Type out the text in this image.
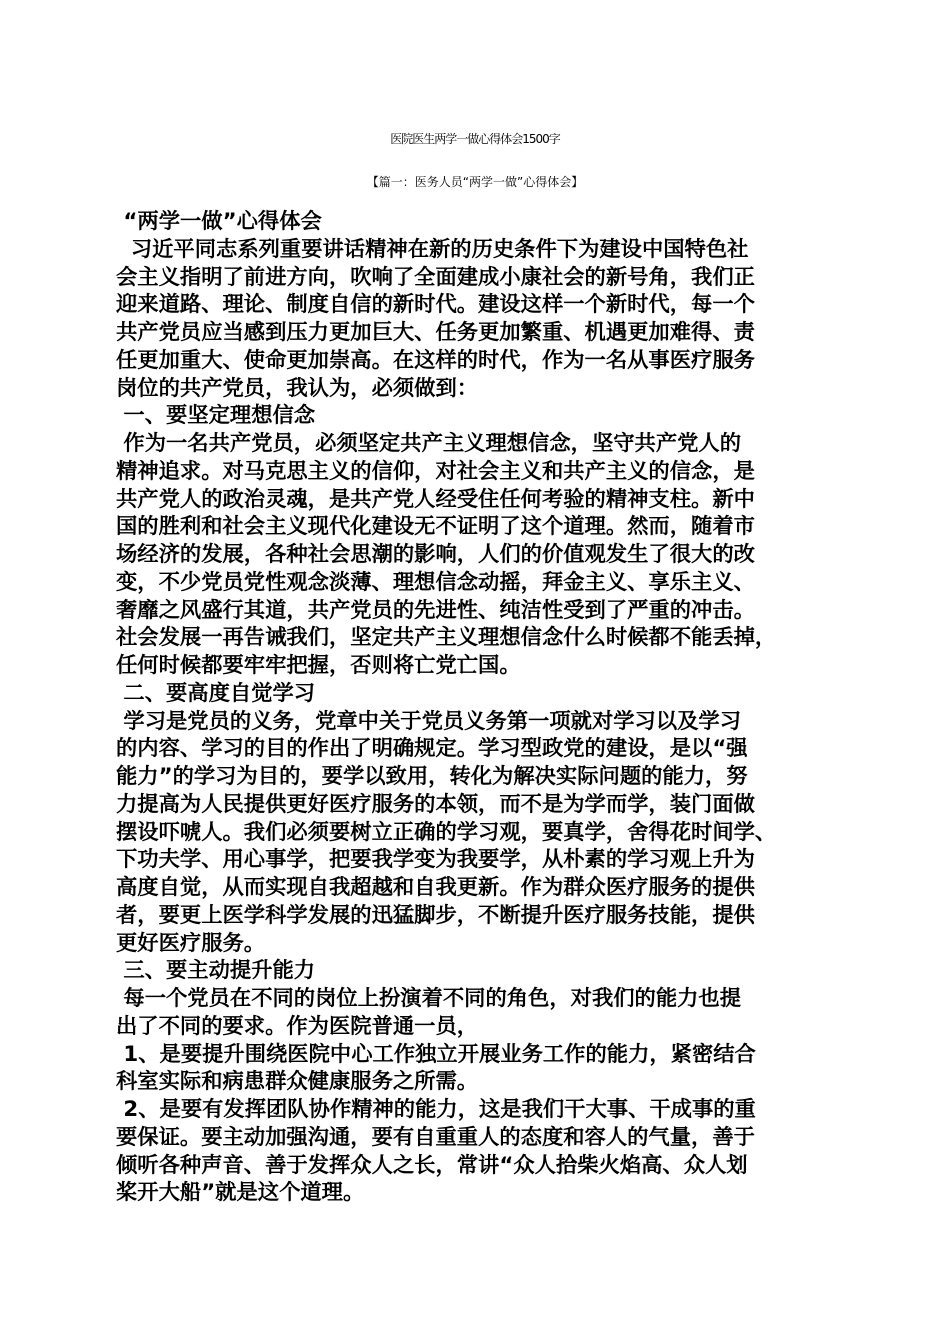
医院医生两学一做心得体会1500字
【篇一：医务人员“两学一做”心得体会】
“两学一做”心得体会
习近平同志系列重要讲话精神在新的历史条件下为建设中国特色社
会主义指明了前进方向，吹响了全面建成小康社会的新号角，我们正
迎来道路、理论、制度自信的新时代。建设这样一个新时代，每一个
共产党员应当感到压力更加巨大、任务更加繁重、机遇更加难得、责
任更加重大、使命更加崇高。在这样的时代，作为一名从事医疗服务
岗位的共产党员，我认为，必须做到：
一、要坚定理想信念
作为一名共产党员，必须坚定共产主义理想信念，坚守共产党人的
精神追求。对马克思主义的信仰，对社会主义和共产主义的信念，是
共产党人的政治灵魂，是共产党人经受住任何考验的精神支柱。新中
国的胜利和社会主义现代化建设无不证明了这个道理。然而，随着市
场经济的发展，各种社会思潮的影响，人们的价值观发生了很大的改
变，不少党员党性观念淡薄、理想信念动摇，拜金主义、享乐主义、
奢靡之风盛行其道，共产党员的先进性、纯洁性受到了严重的冲击。
社会发展一再告诫我们，坚定共产主义理想信念什么时候都不能丢掉，
任何时候都要牢牢把握，否则将亡党亡国。
二、要高度自觉学习
学习是党员的义务，党章中关于党员义务第一项就对学习以及学习
的内容、学习的目的作出了明确规定。学习型政党的建设，是以“强
能力”的学习为目的，要学以致用，转化为解决实际问题的能力，努
力提高为人民提供更好医疗服务的本领，而不是为学而学，装门面做
摆设吓唬人。我们必须要树立正确的学习观，要真学，舍得花时间学、
下功夫学、用心事学，把要我学变为我要学，从朴素的学习观上升为
高度自觉，从而实现自我超越和自我更新。作为群众医疗服务的提供
者，要更上医学科学发展的迅猛脚步，不断提升医疗服务技能，提供
更好医疗服务。
三、要主动提升能力
每一个党员在不同的岗位上扮演着不同的角色，对我们的能力也提
出了不同的要求。作为医院普通一员，
1、是要提升围绕医院中心工作独立开展业务工作的能力，紧密结合
科室实际和病患群众健康服务之所需。
2、是要有发挥团队协作精神的能力，这是我们干大事、干成事的重
要保证。要主动加强沟通，要有自重重人的态度和容人的气量，善于
倾听各种声音、善于发挥众人之长，常讲“众人拾柴火焰高、众人划
桨开大船”就是这个道理。
